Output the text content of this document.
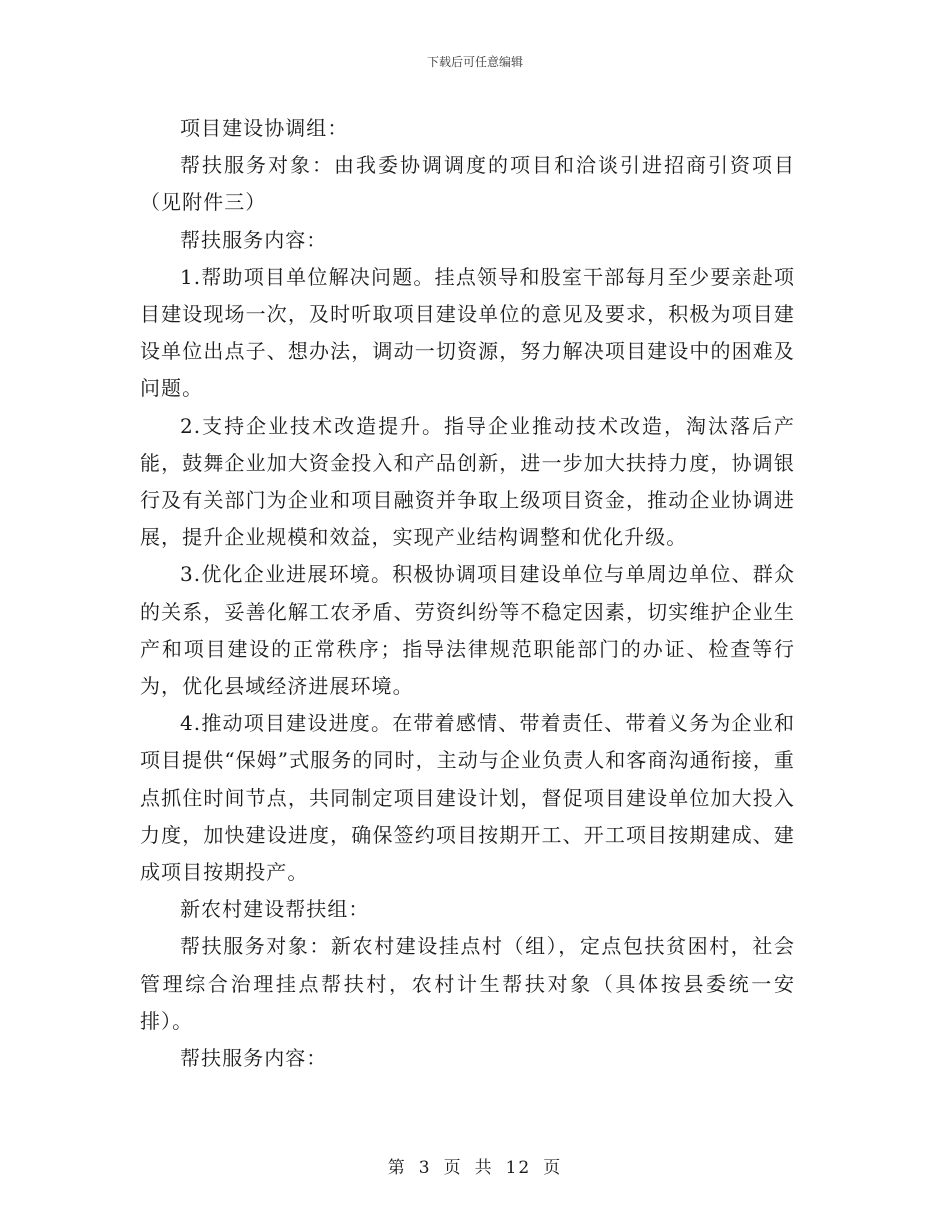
下载后可任意编辑

项目建设协调组：

帮扶服务对象：由我委协调调度的项目和洽谈引进招商引资项目（见附件三）

帮扶服务内容：

1.帮助项目单位解决问题。挂点领导和股室干部每月至少要亲赴项目建设现场一次，及时听取项目建设单位的意见及要求，积极为项目建设单位出点子、想办法，调动一切资源，努力解决项目建设中的困难及问题。

2.支持企业技术改造提升。指导企业推动技术改造，淘汰落后产能，鼓舞企业加大资金投入和产品创新，进一步加大扶持力度，协调银行及有关部门为企业和项目融资并争取上级项目资金，推动企业协调进展，提升企业规模和效益，实现产业结构调整和优化升级。

3.优化企业进展环境。积极协调项目建设单位与单周边单位、群众的关系，妥善化解工农矛盾、劳资纠纷等不稳定因素，切实维护企业生产和项目建设的正常秩序；指导法律规范职能部门的办证、检查等行为，优化县域经济进展环境。

4.推动项目建设进度。在带着感情、带着责任、带着义务为企业和项目提供“保姆”式服务的同时，主动与企业负责人和客商沟通衔接，重点抓住时间节点，共同制定项目建设计划，督促项目建设单位加大投入力度，加快建设进度，确保签约项目按期开工、开工项目按期建成、建成项目按期投产。

新农村建设帮扶组：

帮扶服务对象：新农村建设挂点村（组），定点包扶贫困村，社会管理综合治理挂点帮扶村，农村计生帮扶对象（具体按县委统一安排）。

帮扶服务内容：

第 3 页 共 12 页
